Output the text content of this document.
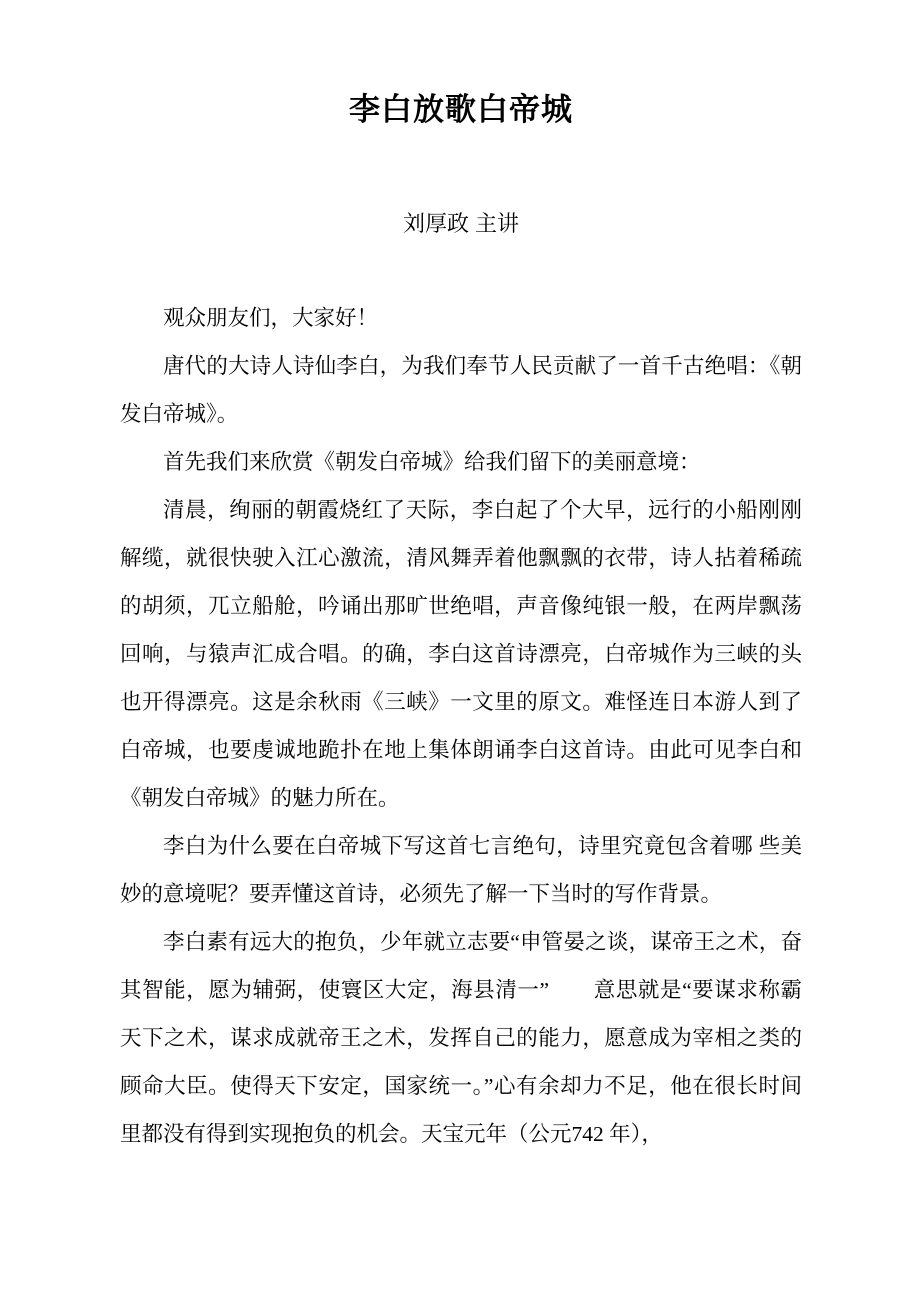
李白放歌白帝城
刘厚政 主讲

观众朋友们，大家好！

唐代的大诗人诗仙李白，为我们奉节人民贡献了一首千古绝唱：《朝发白帝城》。

首先我们来欣赏《朝发白帝城》给我们留下的美丽意境：

清晨，绚丽的朝霞烧红了天际，李白起了个大早，远行的小船刚刚解缆，就很快驶入江心激流，清风舞弄着他飘飘的衣带，诗人拈着稀疏的胡须，兀立船舱，吟诵出那旷世绝唱，声音像纯银一般，在两岸飘荡回响，与猿声汇成合唱。的确，李白这首诗漂亮，白帝城作为三峡的头也开得漂亮。这是余秋雨《三峡》一文里的原文。难怪连日本游人到了白帝城，也要虔诚地跪扑在地上集体朗诵李白这首诗。由此可见李白和《朝发白帝城》的魅力所在。

李白为什么要在白帝城下写这首七言绝句，诗里究竟包含着哪 些美妙的意境呢？要弄懂这首诗，必须先了解一下当时的写作背景。

李白素有远大的抱负，少年就立志要“申管晏之谈，谋帝王之术，奋其智能，愿为辅弼，使寰区大定，海县清一”　　意思就是“要谋求称霸天下之术，谋求成就帝王之术，发挥自己的能力，愿意成为宰相之类的顾命大臣。使得天下安定，国家统一。”心有余却力不足，他在很长时间里都没有得到实现抱负的机会。天宝元年（公元742 年），
